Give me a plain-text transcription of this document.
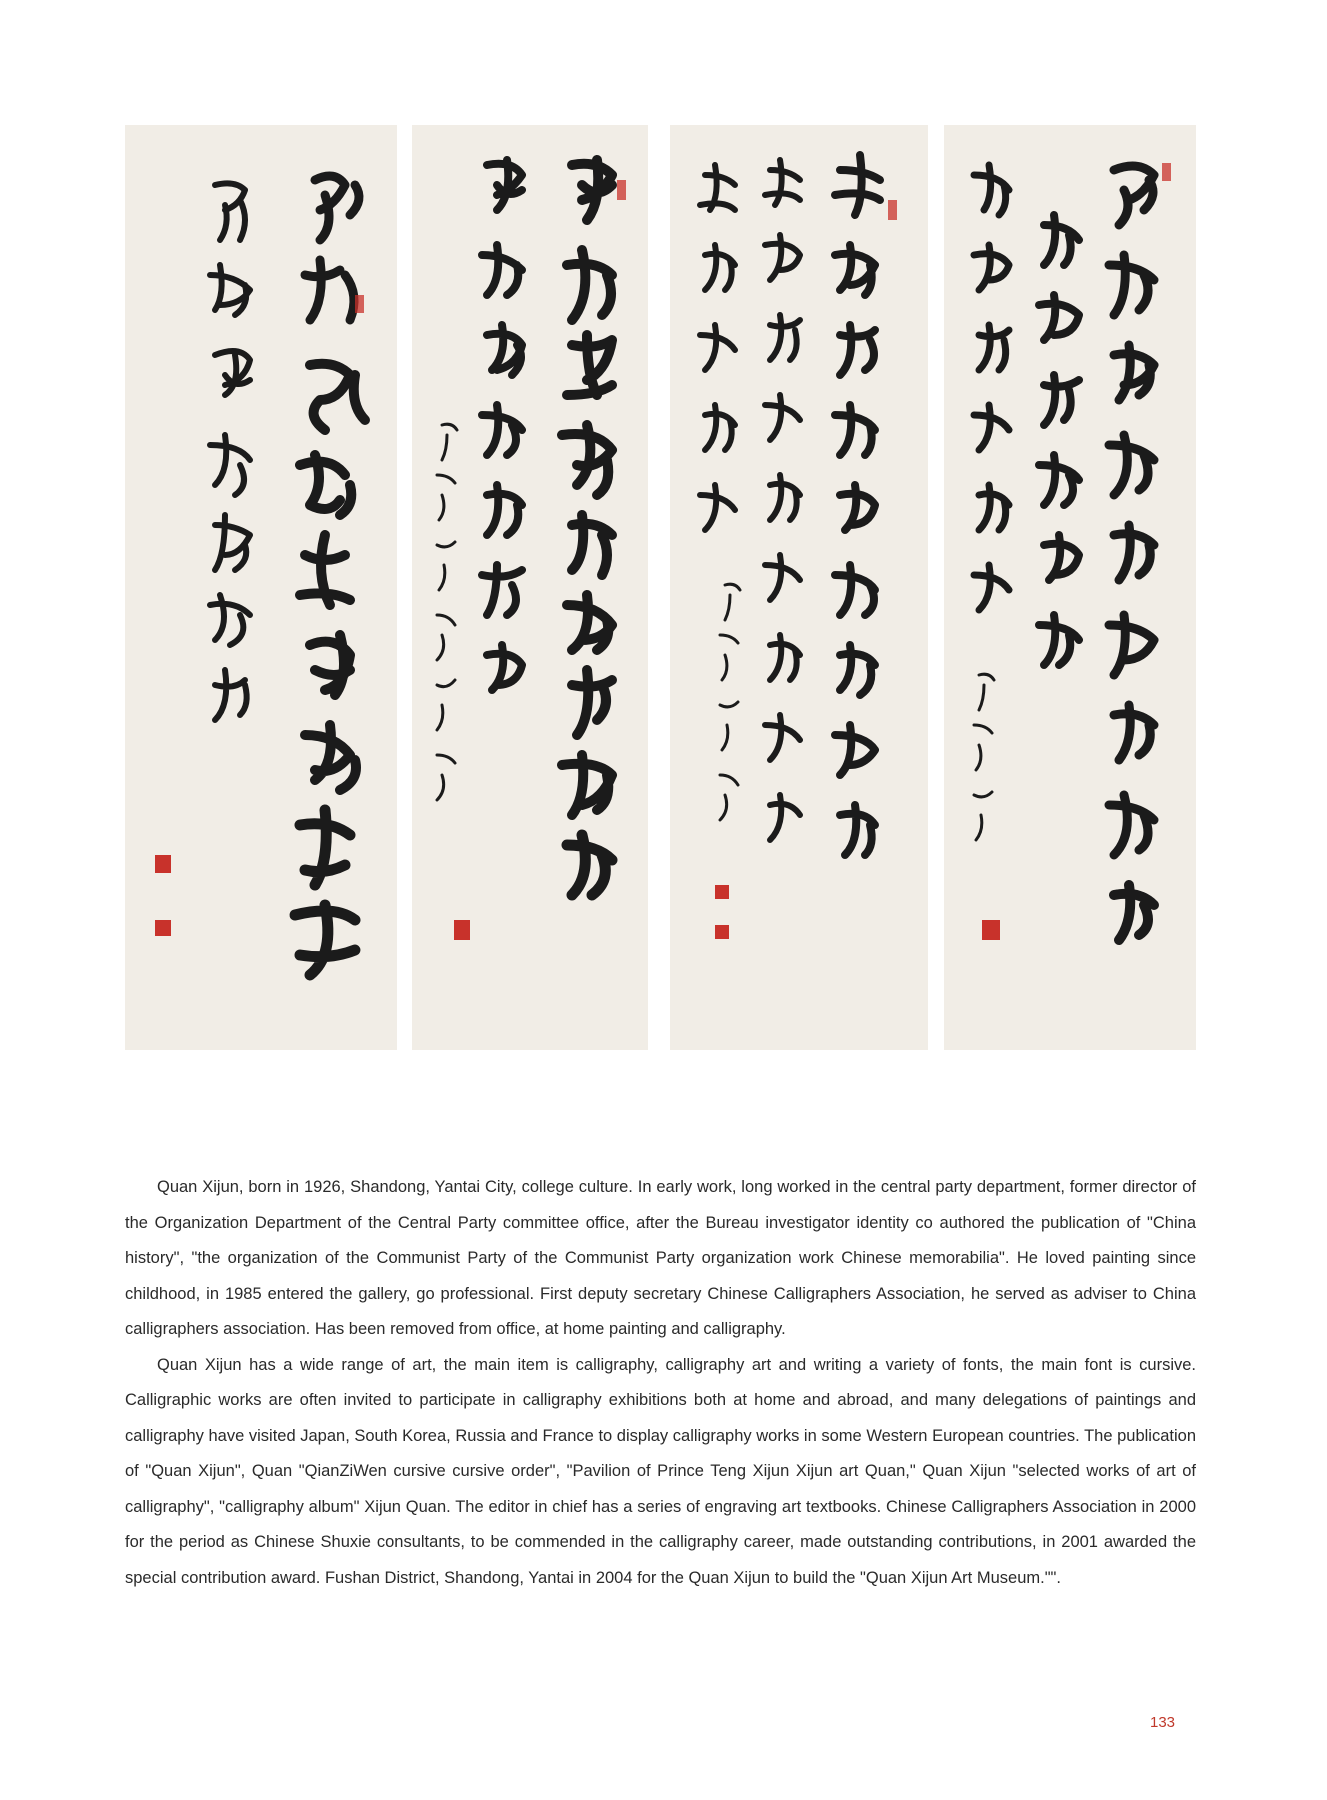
Quan Xijun, born in 1926, Shandong, Yantai City, college culture. In early work, long worked in the central party department, former director of the Organization Department of the Central Party committee office, after the Bureau investigator identity co authored the publication of "China history", "the organization of the Communist Party of the Communist Party organization work Chinese memorabilia". He loved painting since childhood, in 1985 entered the gallery, go professional. First deputy secretary Chinese Calligraphers Association, he served as adviser to China calligraphers association. Has been removed from office, at home painting and calligraphy.

Quan Xijun has a wide range of art, the main item is calligraphy, calligraphy art and writing a variety of fonts, the main font is cursive. Calligraphic works are often invited to participate in calligraphy exhibitions both at home and abroad, and many delegations of paintings and calligraphy have visited Japan, South Korea, Russia and France to display calligraphy works in some Western European countries. The publication of "Quan Xijun", Quan "QianZiWen cursive cursive order", "Pavilion of Prince Teng Xijun Xijun art Quan," Quan Xijun "selected works of art of calligraphy", "calligraphy album" Xijun Quan. The editor in chief has a series of engraving art textbooks. Chinese Calligraphers Association in 2000 for the period as Chinese Shuxie consultants, to be commended in the calligraphy career, made outstanding contributions, in 2001 awarded the special contribution award. Fushan District, Shandong, Yantai in 2004 for the Quan Xijun to build the "Quan Xijun Art Museum."".

133
